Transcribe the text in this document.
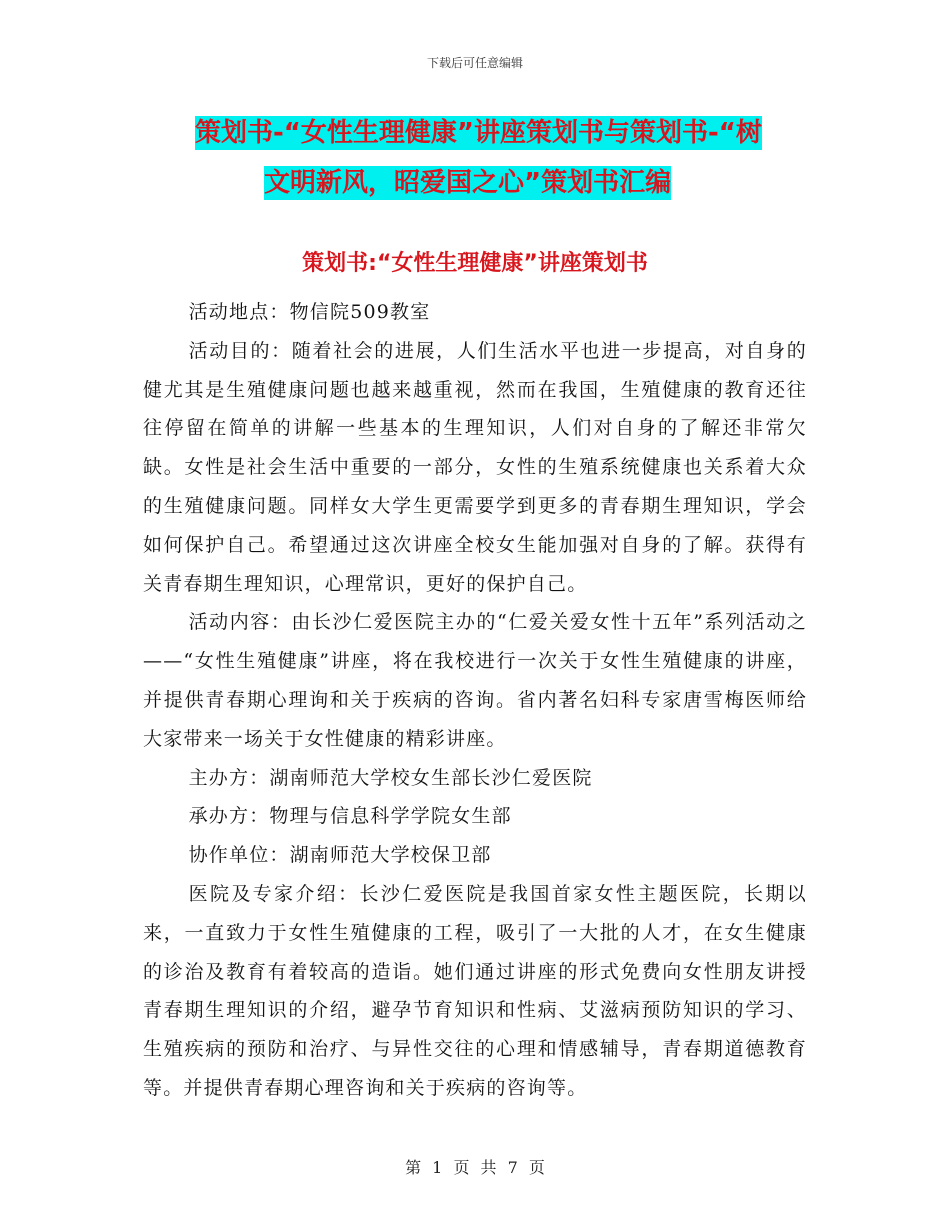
下载后可任意编辑
策划书-“女性生理健康”讲座策划书与策划书-“树
文明新风，昭爱国之心”策划书汇编
策划书:“女性生理健康”讲座策划书

活动地点：物信院509教室

活动目的：随着社会的进展，人们生活水平也进一步提高，对自身的健尤其是生殖健康问题也越来越重视，然而在我国，生殖健康的教育还往往停留在简单的讲解一些基本的生理知识，人们对自身的了解还非常欠缺。女性是社会生活中重要的一部分，女性的生殖系统健康也关系着大众的生殖健康问题。同样女大学生更需要学到更多的青春期生理知识，学会如何保护自己。希望通过这次讲座全校女生能加强对自身的了解。获得有关青春期生理知识，心理常识，更好的保护自己。

活动内容：由长沙仁爱医院主办的“仁爱关爱女性十五年”系列活动之——“女性生殖健康”讲座，将在我校进行一次关于女性生殖健康的讲座，并提供青春期心理询和关于疾病的咨询。省内著名妇科专家唐雪梅医师给大家带来一场关于女性健康的精彩讲座。

主办方：湖南师范大学校女生部长沙仁爱医院

承办方：物理与信息科学学院女生部

协作单位：湖南师范大学校保卫部

医院及专家介绍：长沙仁爱医院是我国首家女性主题医院，长期以来，一直致力于女性生殖健康的工程，吸引了一大批的人才，在女生健康的诊治及教育有着较高的造诣。她们通过讲座的形式免费向女性朋友讲授青春期生理知识的介绍，避孕节育知识和性病、艾滋病预防知识的学习、生殖疾病的预防和治疗、与异性交往的心理和情感辅导，青春期道德教育等。并提供青春期心理咨询和关于疾病的咨询等。

第 1 页 共 7 页
